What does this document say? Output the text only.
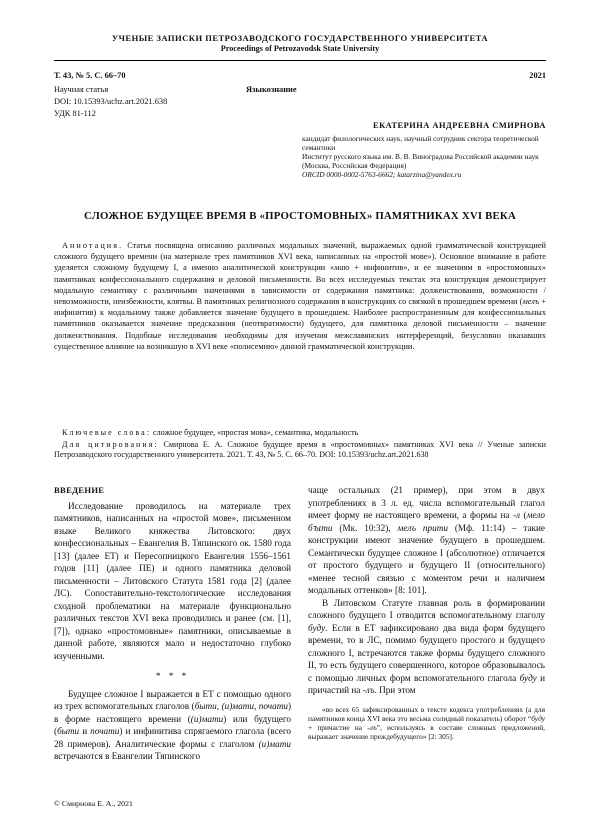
УЧЕНЫЕ ЗАПИСКИ ПЕТРОЗАВОДСКОГО ГОСУДАРСТВЕННОГО УНИВЕРСИТЕТА
Proceedings of Petrozavodsk State University
Т. 43, № 5. С. 66–70	2021
Научная статья	Языкознание
DOI: 10.15393/uchz.art.2021.638
УДК 81-112
ЕКАТЕРИНА АНДРЕЕВНА СМИРНОВА
кандидат филологических наук, научный сотрудник сектора теоретической семантики
Институт русского языка им. В. В. Виноградова Российской академии наук (Москва, Российская Федерация)
ORCID 0000-0002-5763-6662; katarzina@yandex.ru
СЛОЖНОЕ БУДУЩЕЕ ВРЕМЯ В «ПРОСТОМОВНЫХ» ПАМЯТНИКАХ XVI ВЕКА
Аннотация. Статья посвящена описанию различных модальных значений, выражаемых одной грамматической конструкцией сложного будущего времени (на материале трех памятников XVI века, написанных на «простой мове»). Основное внимание в работе уделяется сложному будущему I, а именно аналитической конструкции «маю + инфинитив», и ее значениям в «простомовных» памятниках конфессионального содержания и деловой письменности. Во всех исследуемых текстах эта конструкция демонстрирует модальную семантику с различными значениями в зависимости от содержания памятника: долженствования, возможности / невозможности, неизбежности, клятвы. В памятниках религиозного содержания в конструкциях со связкой в прошедшем времени (мелъ + инфинитив) к модальному также добавляется значение будущего в прошедшем. Наиболее распространенным для конфессиональных памятников оказывается значение предсказания (неотвратимости) будущего, для памятника деловой письменности – значение долженствования. Подобные исследования необходимы для изучения межславянских интерференций, безусловно оказавших существенное влияние на возникшую в XVI веке «полисемию» данной грамматической конструкции.
Ключевые слова: сложное будущее, «простая мова», семантика, модальность
Для цитирования: Смирнова Е. А. Сложное будущее время в «простомовных» памятниках XVI века // Ученые записки Петрозаводского государственного университета. 2021. Т. 43, № 5. С. 66–70. DOI: 10.15393/uchz.art.2021.638

ВВЕДЕНИЕ

Исследование проводилось на материале трех памятников, написанных на «простой мове», письменном языке Великого княжества Литовского: двух конфессиональных – Евангелия В. Тяпинского ок. 1580 года [13] (далее ЕТ) и Пересопницкого Евангелия 1556–1561 годов [11] (далее ПЕ) и одного памятника деловой письменности – Литовского Статута 1581 года [2] (далее ЛС). Сопоставительно-текстологические исследования сходной проблематики на материале функционально различных текстов XVI века проводились и ранее (см. [1], [7]), однако «простомовные» памятники, описываемые в данной работе, являются мало и недостаточно глубоко изученными.

* * *

Будущее сложное I выражается в ЕТ с помощью одного из трех вспомогательных глаголов (быти, (и)мати, почати) в форме настоящего времени ((и)мати) или будущего (быти и почати) и инфинитива спрягаемого глагола (всего 28 примеров). Аналитические формы с глаголом (и)мати встречаются в Евангелии Тяпинского

чаще остальных (21 пример), при этом в двух употреблениях в 3 л. ед. числа вспомогательный глагол имеет форму не настоящего времени, а формы на -л (мело бꙑти (Мк. 10:32), мелъ прити (Мф. 11:14) – такие конструкции имеют значение будущего в прошедшем. Семантически будущее сложное I (абсолютное) отличается от простого будущего и будущего II (относительного) «менее тесной связью с моментом речи и наличием модальных оттенков» [8: 101].

В Литовском Статуте главная роль в формировании сложного будущего I отводится вспомогательному глаголу буду. Если в ЕТ зафиксировано два вида форм будущего времени, то в ЛС, помимо будущего простого и будущего сложного I, встречаются также формы будущего сложного II, то есть будущего совершенного, которое образовывалось с помощью личных форм вспомогательного глагола буду и причастий на -лъ. При этом

«во всех 65 зафиксированных в тексте кодекса употреблениях (а для памятников конца XVI века это весьма солидный показатель) оборот “буду + причастие на -лъ”, используясь в составе сложных предложений, выражает значение преждебудущего» [2: 305].

© Смирнова Е. А., 2021
